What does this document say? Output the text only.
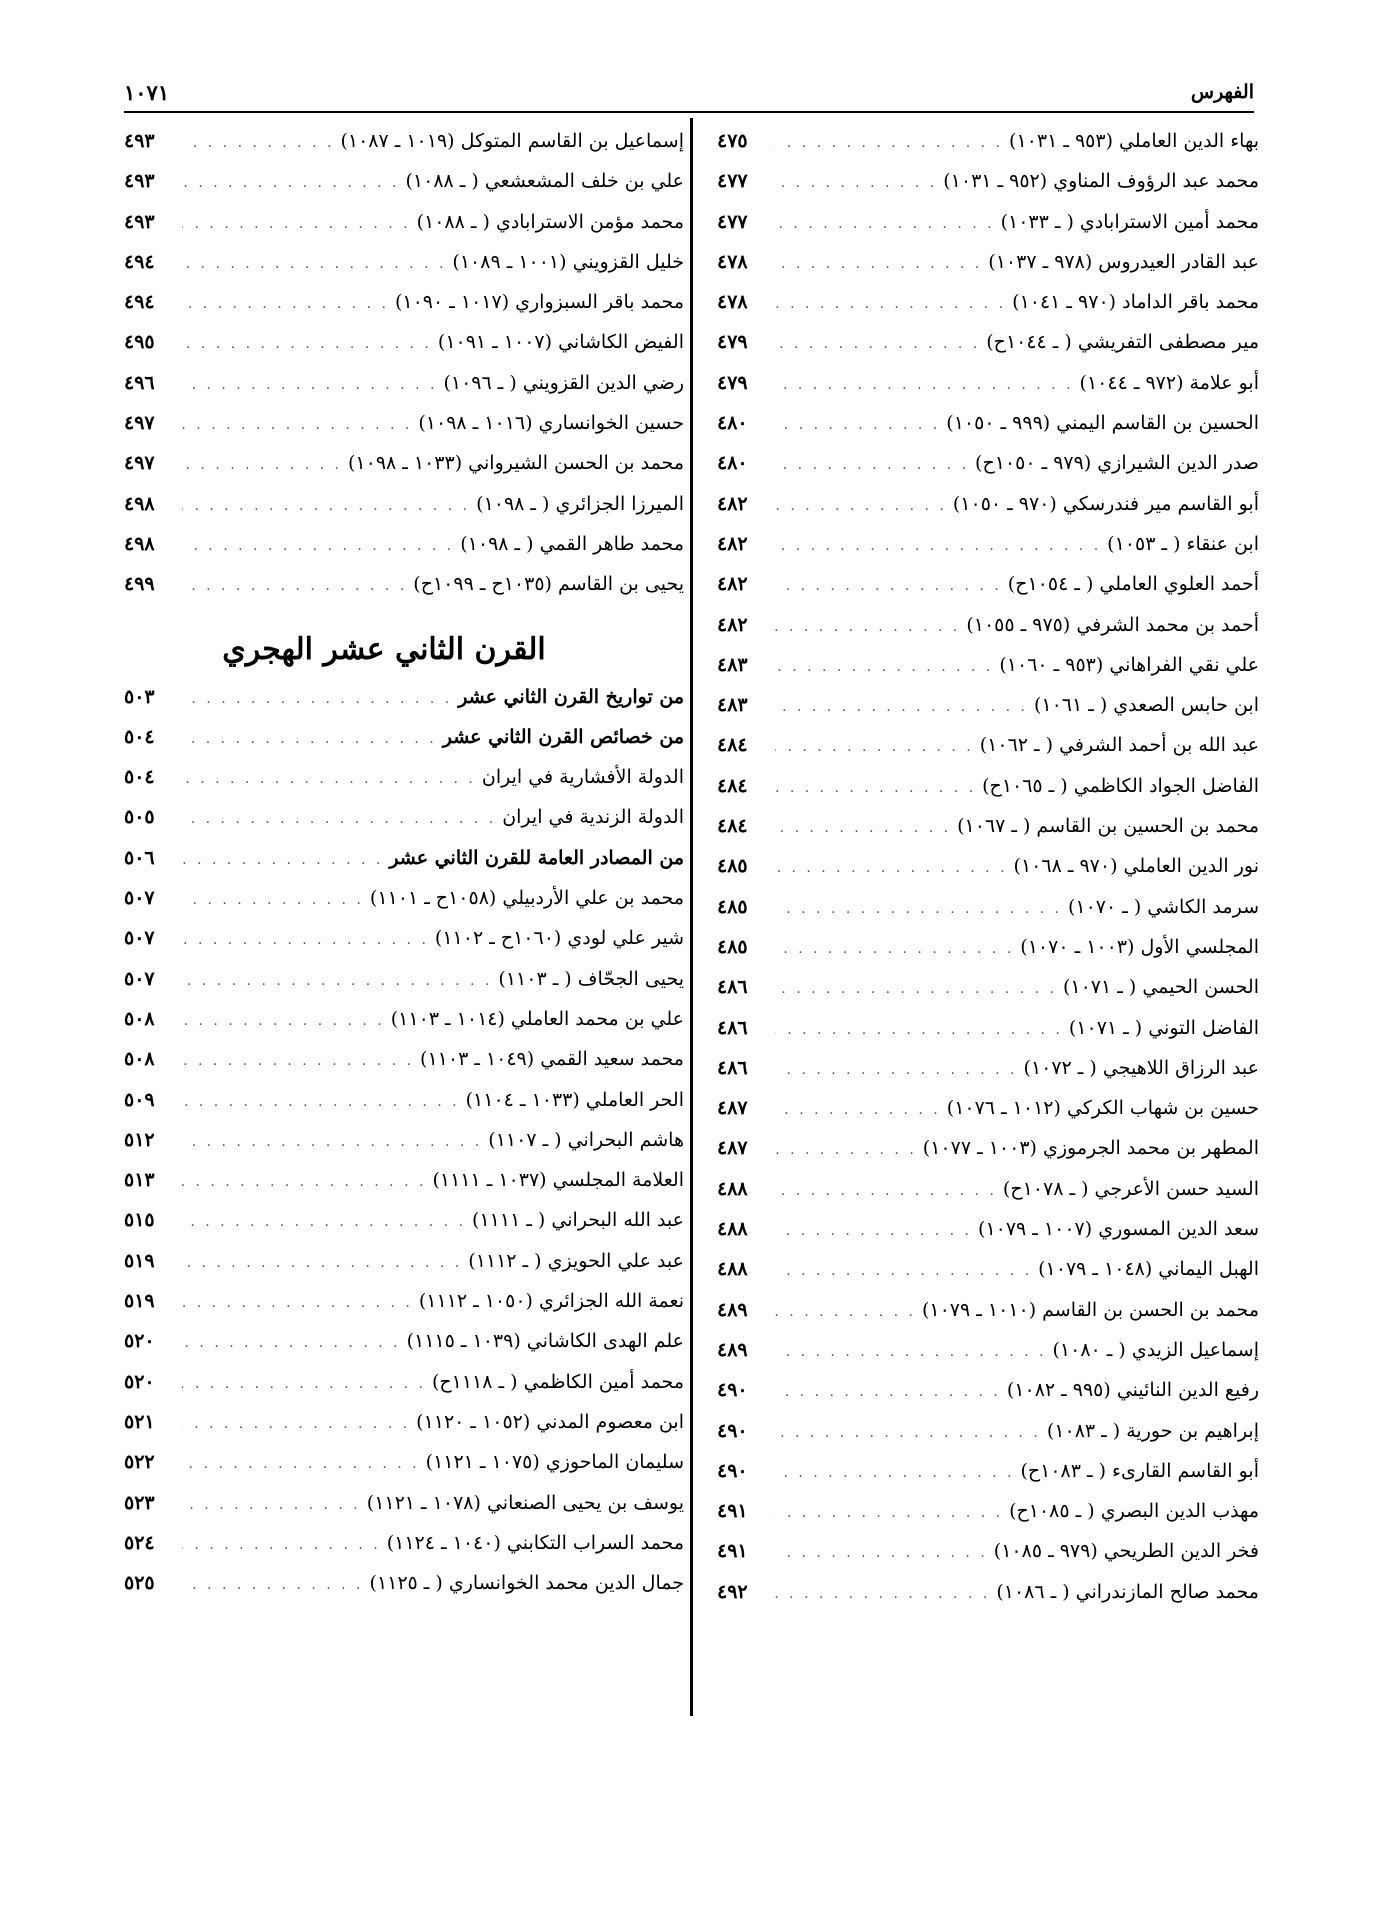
الفهرس
١٠٧١
بهاء الدين العاملي (٩٥٣ ـ ١٠٣١)
. . .
٤٧٥
محمد عبد الرؤوف المناوي (٩٥٢ ـ ١٠٣١)
. . .
٤٧٧
محمد أمين الاسترابادي ( ـ ١٠٣٣)
. . .
٤٧٧
عبد القادر العيدروس (٩٧٨ ـ ١٠٣٧)
. . .
٤٧٨
محمد باقر الداماد (٩٧٠ ـ ١٠٤١)
. . .
٤٧٨
مير مصطفى التفريشي ( ـ ١٠٤٤ح)
. . .
٤٧٩
أبو علامة (٩٧٢ ـ ١٠٤٤)
. . .
٤٧٩
الحسين بن القاسم اليمني (٩٩٩ ـ ١٠٥٠)
. . .
٤٨٠
صدر الدين الشيرازي (٩٧٩ ـ ١٠٥٠ح)
. . .
٤٨٠
أبو القاسم مير فندرسكي (٩٧٠ ـ ١٠٥٠)
. . .
٤٨٢
ابن عنقاء ( ـ ١٠٥٣)
. . .
٤٨٢
أحمد العلوي العاملي ( ـ ١٠٥٤ح)
. . .
٤٨٢
أحمد بن محمد الشرفي (٩٧٥ ـ ١٠٥٥)
. . .
٤٨٢
علي نقي الفراهاني (٩٥٣ ـ ١٠٦٠)
. . .
٤٨٣
ابن حابس الصعدي ( ـ ١٠٦١)
. . .
٤٨٣
عبد الله بن أحمد الشرفي ( ـ ١٠٦٢)
. . .
٤٨٤
الفاضل الجواد الكاظمي ( ـ ١٠٦٥ح)
. . .
٤٨٤
محمد بن الحسين بن القاسم ( ـ ١٠٦٧)
. . .
٤٨٤
نور الدين العاملي (٩٧٠ ـ ١٠٦٨)
. . .
٤٨٥
سرمد الكاشي ( ـ ١٠٧٠)
. . .
٤٨٥
المجلسي الأول (١٠٠٣ ـ ١٠٧٠)
. . .
٤٨٥
الحسن الحيمي ( ـ ١٠٧١)
. . .
٤٨٦
الفاضل التوني ( ـ ١٠٧١)
. . .
٤٨٦
عبد الرزاق اللاهيجي ( ـ ١٠٧٢)
. . .
٤٨٦
حسين بن شهاب الكركي (١٠١٢ ـ ١٠٧٦)
. . .
٤٨٧
المطهر بن محمد الجرموزي (١٠٠٣ ـ ١٠٧٧)
. . .
٤٨٧
السيد حسن الأعرجي ( ـ ١٠٧٨ح)
. . .
٤٨٨
سعد الدين المسوري (١٠٠٧ ـ ١٠٧٩)
. . .
٤٨٨
الهبل اليماني (١٠٤٨ ـ ١٠٧٩)
. . .
٤٨٨
محمد بن الحسن بن القاسم (١٠١٠ ـ ١٠٧٩)
. . .
٤٨٩
إسماعيل الزيدي ( ـ ١٠٨٠)
. . .
٤٨٩
رفيع الدين النائيني (٩٩٥ ـ ١٠٨٢)
. . .
٤٩٠
إبراهيم بن حورية ( ـ ١٠٨٣)
. . .
٤٩٠
أبو القاسم القارىء ( ـ ١٠٨٣ح)
. . .
٤٩٠
مهذب الدين البصري ( ـ ١٠٨٥ح)
. . .
٤٩١
فخر الدين الطريحي (٩٧٩ ـ ١٠٨٥)
. . .
٤٩١
محمد صالح المازندراني ( ـ ١٠٨٦)
. . .
٤٩٢
إسماعيل بن القاسم المتوكل (١٠١٩ ـ ١٠٨٧)
. . .
٤٩٣
علي بن خلف المشعشعي ( ـ ١٠٨٨)
. . .
٤٩٣
محمد مؤمن الاسترابادي ( ـ ١٠٨٨)
. . .
٤٩٣
خليل القزويني (١٠٠١ ـ ١٠٨٩)
. . .
٤٩٤
محمد باقر السبزواري (١٠١٧ ـ ١٠٩٠)
. . .
٤٩٤
الفيض الكاشاني (١٠٠٧ ـ ١٠٩١)
. . .
٤٩٥
رضي الدين القزويني ( ـ ١٠٩٦)
. . .
٤٩٦
حسين الخوانساري (١٠١٦ ـ ١٠٩٨)
. . .
٤٩٧
محمد بن الحسن الشيرواني (١٠٣٣ ـ ١٠٩٨)
. . .
٤٩٧
الميرزا الجزائري ( ـ ١٠٩٨)
. . .
٤٩٨
محمد طاهر القمي ( ـ ١٠٩٨)
. . .
٤٩٨
يحيى بن القاسم (١٠٣٥ح ـ ١٠٩٩ح)
. . .
٤٩٩
القرن الثاني عشر الهجري
من تواريخ القرن الثاني عشر
. . .
٥٠٣
من خصائص القرن الثاني عشر
. . .
٥٠٤
الدولة الأفشارية في ايران
. . .
٥٠٤
الدولة الزندية في ايران
. . .
٥٠٥
من المصادر العامة للقرن الثاني عشر
. . .
٥٠٦
محمد بن علي الأردبيلي (١٠٥٨ح ـ ١١٠١)
. . .
٥٠٧
شير علي لودي (١٠٦٠ح ـ ١١٠٢)
. . .
٥٠٧
يحيى الجحّاف ( ـ ١١٠٣)
. . .
٥٠٧
علي بن محمد العاملي (١٠١٤ ـ ١١٠٣)
. . .
٥٠٨
محمد سعيد القمي (١٠٤٩ ـ ١١٠٣)
. . .
٥٠٨
الحر العاملي (١٠٣٣ ـ ١١٠٤)
. . .
٥٠٩
هاشم البحراني ( ـ ١١٠٧)
. . .
٥١٢
العلامة المجلسي (١٠٣٧ ـ ١١١١)
. . .
٥١٣
عبد الله البحراني ( ـ ١١١١)
. . .
٥١٥
عبد علي الحويزي ( ـ ١١١٢)
. . .
٥١٩
نعمة الله الجزائري (١٠٥٠ ـ ١١١٢)
. . .
٥١٩
علم الهدى الكاشاني (١٠٣٩ ـ ١١١٥)
. . .
٥٢٠
محمد أمين الكاظمي ( ـ ١١١٨ح)
. . .
٥٢٠
ابن معصوم المدني (١٠٥٢ ـ ١١٢٠)
. . .
٥٢١
سليمان الماحوزي (١٠٧٥ ـ ١١٢١)
. . .
٥٢٢
يوسف بن يحيى الصنعاني (١٠٧٨ ـ ١١٢١)
. . .
٥٢٣
محمد السراب التكابني (١٠٤٠ ـ ١١٢٤)
. . .
٥٢٤
جمال الدين محمد الخوانساري ( ـ ١١٢٥)
. . .
٥٢٥
